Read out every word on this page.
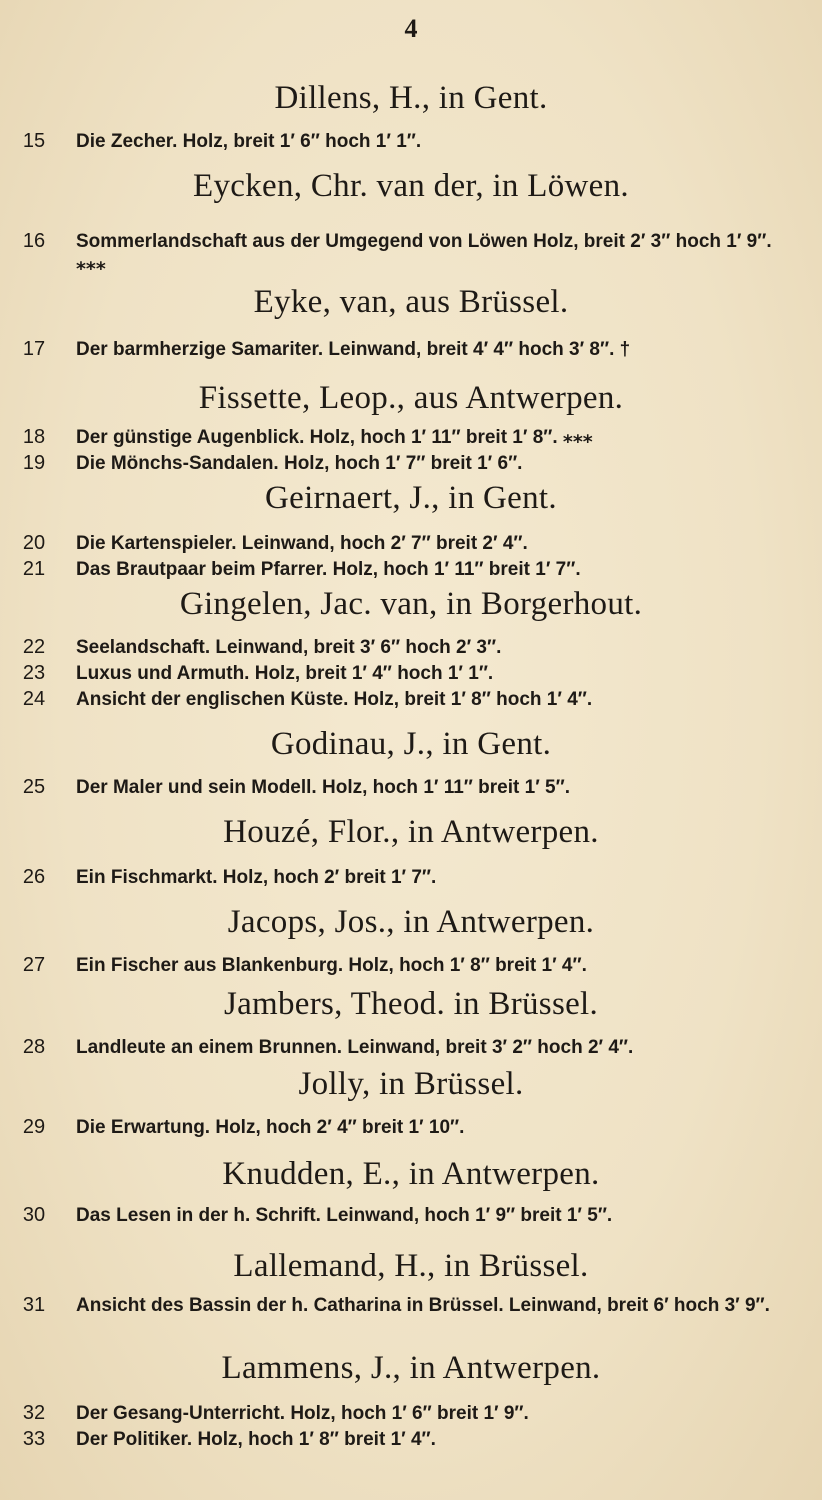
4
Dillens, H., in Gent.
15	Die Zecher. Holz, breit 1′ 6″ hoch 1′ 1″.
Eycken, Chr. van der, in Löwen.
16	Sommerlandschaft aus der Umgegend von Löwen Holz, breit 2′ 3″ hoch 1′ 9″. ⁎⁎⁎
Eyke, van, aus Brüssel.
17	Der barmherzige Samariter. Leinwand, breit 4′ 4″ hoch 3′ 8″. †
Fissette, Leop., aus Antwerpen.
18	Der günstige Augenblick. Holz, hoch 1′ 11″ breit 1′ 8″. ⁎⁎⁎
19	Die Mönchs-Sandalen. Holz, hoch 1′ 7″ breit 1′ 6″.
Geirnaert, J., in Gent.
20	Die Kartenspieler. Leinwand, hoch 2′ 7″ breit 2′ 4″.
21	Das Brautpaar beim Pfarrer. Holz, hoch 1′ 11″ breit 1′ 7″.
Gingelen, Jac. van, in Borgerhout.
22	Seelandschaft. Leinwand, breit 3′ 6″ hoch 2′ 3″.
23	Luxus und Armuth. Holz, breit 1′ 4″ hoch 1′ 1″.
24	Ansicht der englischen Küste. Holz, breit 1′ 8″ hoch 1′ 4″.
Godinau, J., in Gent.
25	Der Maler und sein Modell. Holz, hoch 1′ 11″ breit 1′ 5″.
Houzé, Flor., in Antwerpen.
26	Ein Fischmarkt. Holz, hoch 2′ breit 1′ 7″.
Jacops, Jos., in Antwerpen.
27	Ein Fischer aus Blankenburg. Holz, hoch 1′ 8″ breit 1′ 4″.
Jambers, Theod. in Brüssel.
28	Landleute an einem Brunnen. Leinwand, breit 3′ 2″ hoch 2′ 4″.
Jolly, in Brüssel.
29	Die Erwartung. Holz, hoch 2′ 4″ breit 1′ 10″.
Knudden, E., in Antwerpen.
30	Das Lesen in der h. Schrift. Leinwand, hoch 1′ 9″ breit 1′ 5″.
Lallemand, H., in Brüssel.
31	Ansicht des Bassin der h. Catharina in Brüssel. Leinwand, breit 6′ hoch 3′ 9″.
Lammens, J., in Antwerpen.
32	Der Gesang-Unterricht. Holz, hoch 1′ 6″ breit 1′ 9″.
33	Der Politiker. Holz, hoch 1′ 8″ breit 1′ 4″.
